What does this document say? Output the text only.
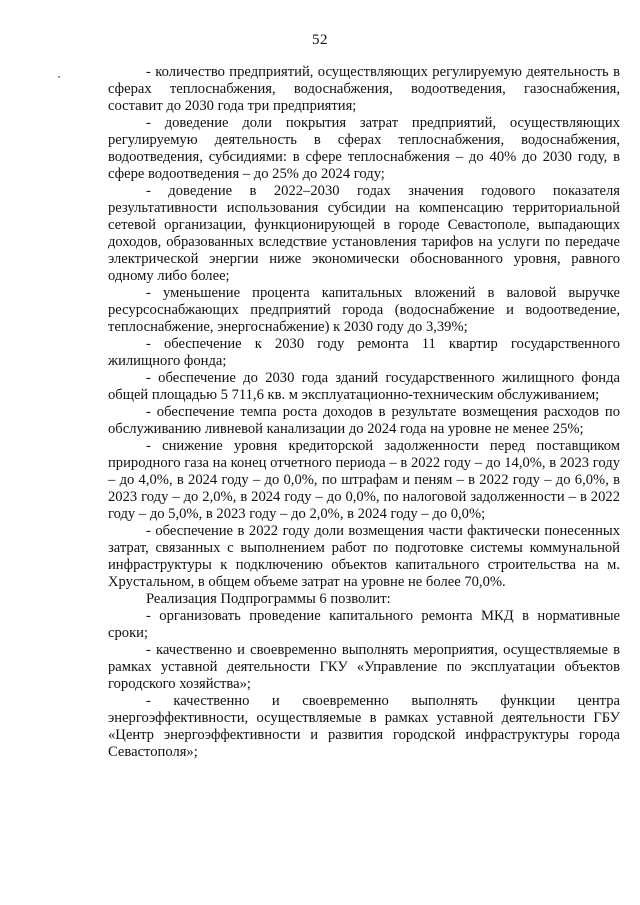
52

- количество предприятий, осуществляющих регулируемую деятельность в сферах теплоснабжения, водоснабжения, водоотведения, газоснабжения, составит до 2030 года три предприятия;

- доведение доли покрытия затрат предприятий, осуществляющих регулируемую деятельность в сферах теплоснабжения, водоснабжения, водоотведения, субсидиями: в сфере теплоснабжения – до 40% до 2030 году, в сфере водоотведения – до 25% до 2024 году;

- доведение в 2022–2030 годах значения годового показателя результативности использования субсидии на компенсацию территориальной сетевой организации, функционирующей в городе Севастополе, выпадающих доходов, образованных вследствие установления тарифов на услуги по передаче электрической энергии ниже экономически обоснованного уровня, равного одному либо более;

- уменьшение процента капитальных вложений в валовой выручке ресурсоснабжающих предприятий города (водоснабжение и водоотведение, теплоснабжение, энергоснабжение) к 2030 году до 3,39%;

- обеспечение к 2030 году ремонта 11 квартир государственного жилищного фонда;

- обеспечение до 2030 года зданий государственного жилищного фонда общей площадью 5 711,6 кв. м эксплуатационно-техническим обслуживанием;

- обеспечение темпа роста доходов в результате возмещения расходов по обслуживанию ливневой канализации до 2024 года на уровне не менее 25%;

- снижение уровня кредиторской задолженности перед поставщиком природного газа на конец отчетного периода – в 2022 году – до 14,0%, в 2023 году – до 4,0%, в 2024 году – до 0,0%, по штрафам и пеням – в 2022 году – до 6,0%, в 2023 году – до 2,0%, в 2024 году – до 0,0%, по налоговой задолженности – в 2022 году – до 5,0%, в 2023 году – до 2,0%, в 2024 году – до 0,0%;

- обеспечение в 2022 году доли возмещения части фактически понесенных затрат, связанных с выполнением работ по подготовке системы коммунальной инфраструктуры к подключению объектов капитального строительства на м. Хрустальном, в общем объеме затрат на уровне не более 70,0%.

Реализация Подпрограммы 6 позволит:

- организовать проведение капитального ремонта МКД в нормативные сроки;

- качественно и своевременно выполнять мероприятия, осуществляемые в рамках уставной деятельности ГКУ «Управление по эксплуатации объектов городского хозяйства»;

- качественно и своевременно выполнять функции центра энергоэффективности, осуществляемые в рамках уставной деятельности ГБУ «Центр энергоэффективности и развития городской инфраструктуры города Севастополя»;
